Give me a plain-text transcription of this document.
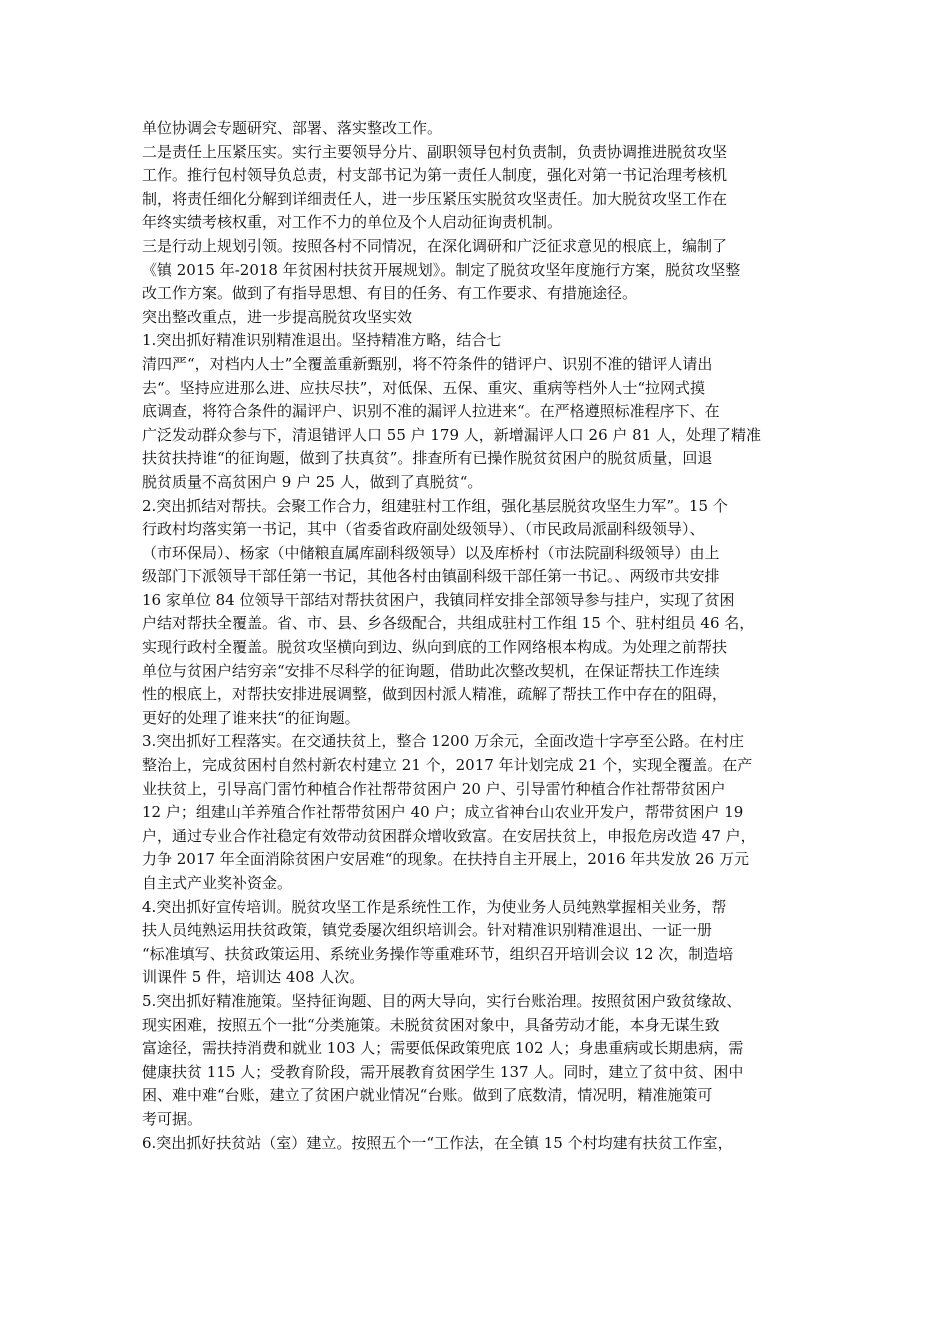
单位协调会专题研究、部署、落实整改工作。
二是责任上压紧压实。实行主要领导分片、副职领导包村负责制，负责协调推进脱贫攻坚
工作。推行包村领导负总责，村支部书记为第一责任人制度，强化对第一书记治理考核机
制，将责任细化分解到详细责任人，进一步压紧压实脱贫攻坚责任。加大脱贫攻坚工作在
年终实绩考核权重，对工作不力的单位及个人启动征询责机制。
三是行动上规划引领。按照各村不同情况，在深化调研和广泛征求意见的根底上，编制了
《镇 2015 年-2018 年贫困村扶贫开展规划》。制定了脱贫攻坚年度施行方案，脱贫攻坚整
改工作方案。做到了有指导思想、有目的任务、有工作要求、有措施途径。
突出整改重点，进一步提高脱贫攻坚实效
1.突出抓好精准识别精准退出。坚持精准方略，结合七
清四严“，对档内人士”全覆盖重新甄别，将不符条件的错评户、识别不准的错评人请出
去“。坚持应进那么进、应扶尽扶”，对低保、五保、重灾、重病等档外人士“拉网式摸
底调查，将符合条件的漏评户、识别不准的漏评人拉进来“。在严格遵照标准程序下、在
广泛发动群众参与下，清退错评人口 55 户 179 人，新增漏评人口 26 户 81 人，处理了精准
扶贫扶持谁“的征询题，做到了扶真贫”。排查所有已操作脱贫贫困户的脱贫质量，回退
脱贫质量不高贫困户 9 户 25 人，做到了真脱贫“。
2.突出抓结对帮扶。会聚工作合力，组建驻村工作组，强化基层脱贫攻坚生力军”。15 个
行政村均落实第一书记，其中（省委省政府副处级领导）、（市民政局派副科级领导）、
（市环保局）、杨家（中储粮直属库副科级领导）以及库桥村（市法院副科级领导）由上
级部门下派领导干部任第一书记，其他各村由镇副科级干部任第一书记。、两级市共安排
16 家单位 84 位领导干部结对帮扶贫困户，我镇同样安排全部领导参与挂户，实现了贫困
户结对帮扶全覆盖。省、市、县、乡各级配合，共组成驻村工作组 15 个、驻村组员 46 名，
实现行政村全覆盖。脱贫攻坚横向到边、纵向到底的工作网络根本构成。为处理之前帮扶
单位与贫困户结穷亲“安排不尽科学的征询题，借助此次整改契机，在保证帮扶工作连续
性的根底上，对帮扶安排进展调整，做到因村派人精准，疏解了帮扶工作中存在的阻碍，
更好的处理了谁来扶“的征询题。
3.突出抓好工程落实。在交通扶贫上，整合 1200 万余元，全面改造十字亭至公路。在村庄
整治上，完成贫困村自然村新农村建立 21 个，2017 年计划完成 21 个，实现全覆盖。在产
业扶贫上，引导高门雷竹种植合作社帮带贫困户 20 户、引导雷竹种植合作社帮带贫困户
12 户；组建山羊养殖合作社帮带贫困户 40 户；成立省神台山农业开发户，帮带贫困户 19
户，通过专业合作社稳定有效带动贫困群众增收致富。在安居扶贫上，申报危房改造 47 户，
力争 2017 年全面消除贫困户安居难“的现象。在扶持自主开展上，2016 年共发放 26 万元
自主式产业奖补资金。
4.突出抓好宣传培训。脱贫攻坚工作是系统性工作，为使业务人员纯熟掌握相关业务，帮
扶人员纯熟运用扶贫政策，镇党委屡次组织培训会。针对精准识别精准退出、一证一册
“标准填写、扶贫政策运用、系统业务操作等重难环节，组织召开培训会议 12 次，制造培
训课件 5 件，培训达 408 人次。
5.突出抓好精准施策。坚持征询题、目的两大导向，实行台账治理。按照贫困户致贫缘故、
现实困难，按照五个一批“分类施策。未脱贫贫困对象中，具备劳动才能，本身无谋生致
富途径，需扶持消费和就业 103 人；需要低保政策兜底 102 人；身患重病或长期患病，需
健康扶贫 115 人；受教育阶段，需开展教育贫困学生 137 人。同时，建立了贫中贫、困中
困、难中难“台账，建立了贫困户就业情况“台账。做到了底数清，情况明，精准施策可
考可据。
6.突出抓好扶贫站（室）建立。按照五个一“工作法，在全镇 15 个村均建有扶贫工作室，
